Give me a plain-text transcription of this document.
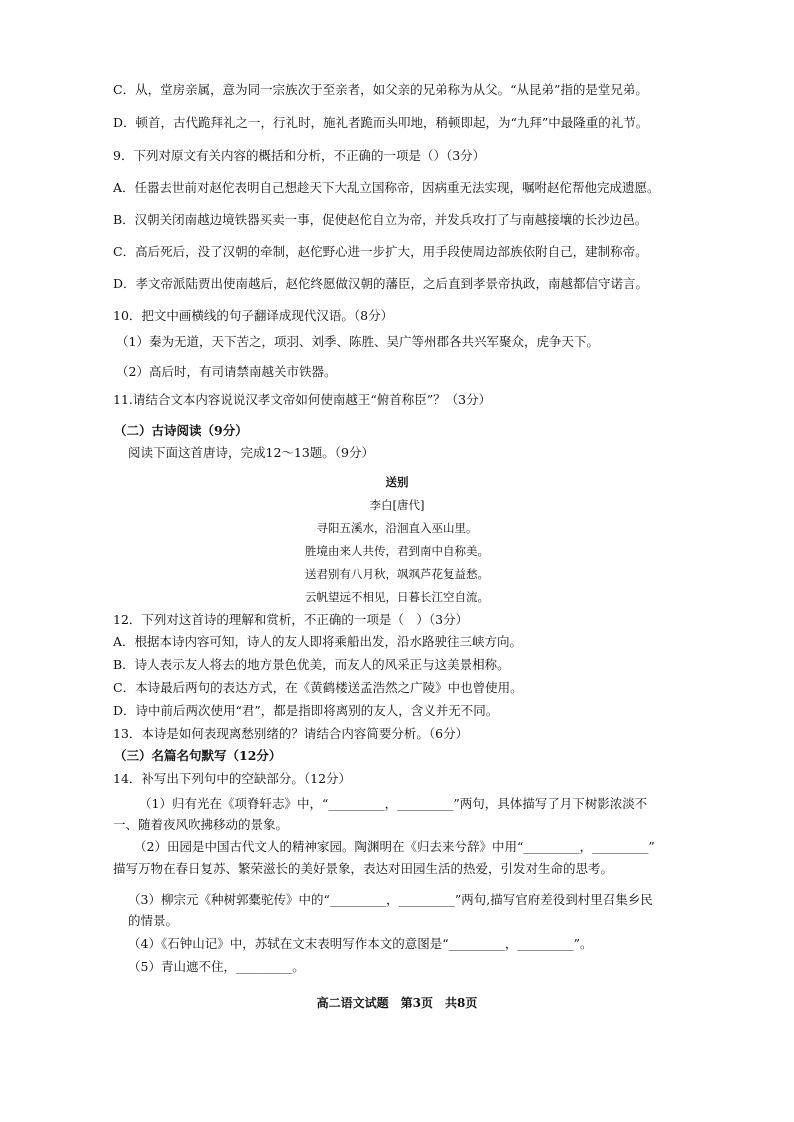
C．从，堂房亲属，意为同一宗族次于至亲者，如父亲的兄弟称为从父。“从昆弟”指的是堂兄弟。
D．顿首，古代跪拜礼之一，行礼时，施礼者跪而头叩地，稍顿即起，为“九拜”中最隆重的礼节。
9．下列对原文有关内容的概括和分析，不正确的一项是（）（3分）
A．任嚣去世前对赵佗表明自己想趁天下大乱立国称帝，因病重无法实现，嘱咐赵佗帮他完成遗愿。
B．汉朝关闭南越边境铁器买卖一事，促使赵佗自立为帝，并发兵攻打了与南越接壤的长沙边邑。
C．高后死后，没了汉朝的牵制，赵佗野心进一步扩大，用手段使周边部族依附自己，建制称帝。
D．孝文帝派陆贾出使南越后，赵佗终愿做汉朝的藩臣，之后直到孝景帝执政，南越都信守诺言。
10．把文中画横线的句子翻译成现代汉语。（8分）
（1）秦为无道，天下苦之，项羽、刘季、陈胜、吴广等州郡各共兴军聚众，虎争天下。
（2）高后时，有司请禁南越关市铁器。
11.请结合文本内容说说汉孝文帝如何使南越王“俯首称臣”？（3分）
（二）古诗阅读（9分）
阅读下面这首唐诗，完成12～13题。（9分）
送别
李白[唐代]
寻阳五溪水，沿洄直入巫山里。
胜境由来人共传，君到南中自称美。
送君别有八月秋，飒飒芦花复益愁。
云帆望远不相见，日暮长江空自流。
12．下列对这首诗的理解和赏析，不正确的一项是（　）（3分）
A．根据本诗内容可知，诗人的友人即将乘船出发，沿水路驶往三峡方向。
B．诗人表示友人将去的地方景色优美，而友人的风采正与这美景相称。
C．本诗最后两句的表达方式，在《黄鹤楼送孟浩然之广陵》中也曾使用。
D．诗中前后两次使用“君”，都是指即将离别的友人，含义并无不同。
13．本诗是如何表现离愁别绪的？请结合内容简要分析。（6分）
（三）名篇名句默写（12分）
14．补写出下列句中的空缺部分。（12分）
（1）归有光在《项脊轩志》中，“_________，_________”两句，具体描写了月下树影浓淡不
一、随着夜风吹拂移动的景象。
（2）田园是中国古代文人的精神家园。陶渊明在《归去来兮辞》中用“_________，_________”
描写万物在春日复苏、繁荣滋长的美好景象，表达对田园生活的热爱，引发对生命的思考。
（3）柳宗元《种树郭橐驼传》中的“_________，_________”两句,描写官府差役到村里召集乡民
的情景。
（4）《石钟山记》中，苏轼在文末表明写作本文的意图是“_________，_________”。
（5）青山遮不住，_________。
高二语文试题　第3页　共8页
